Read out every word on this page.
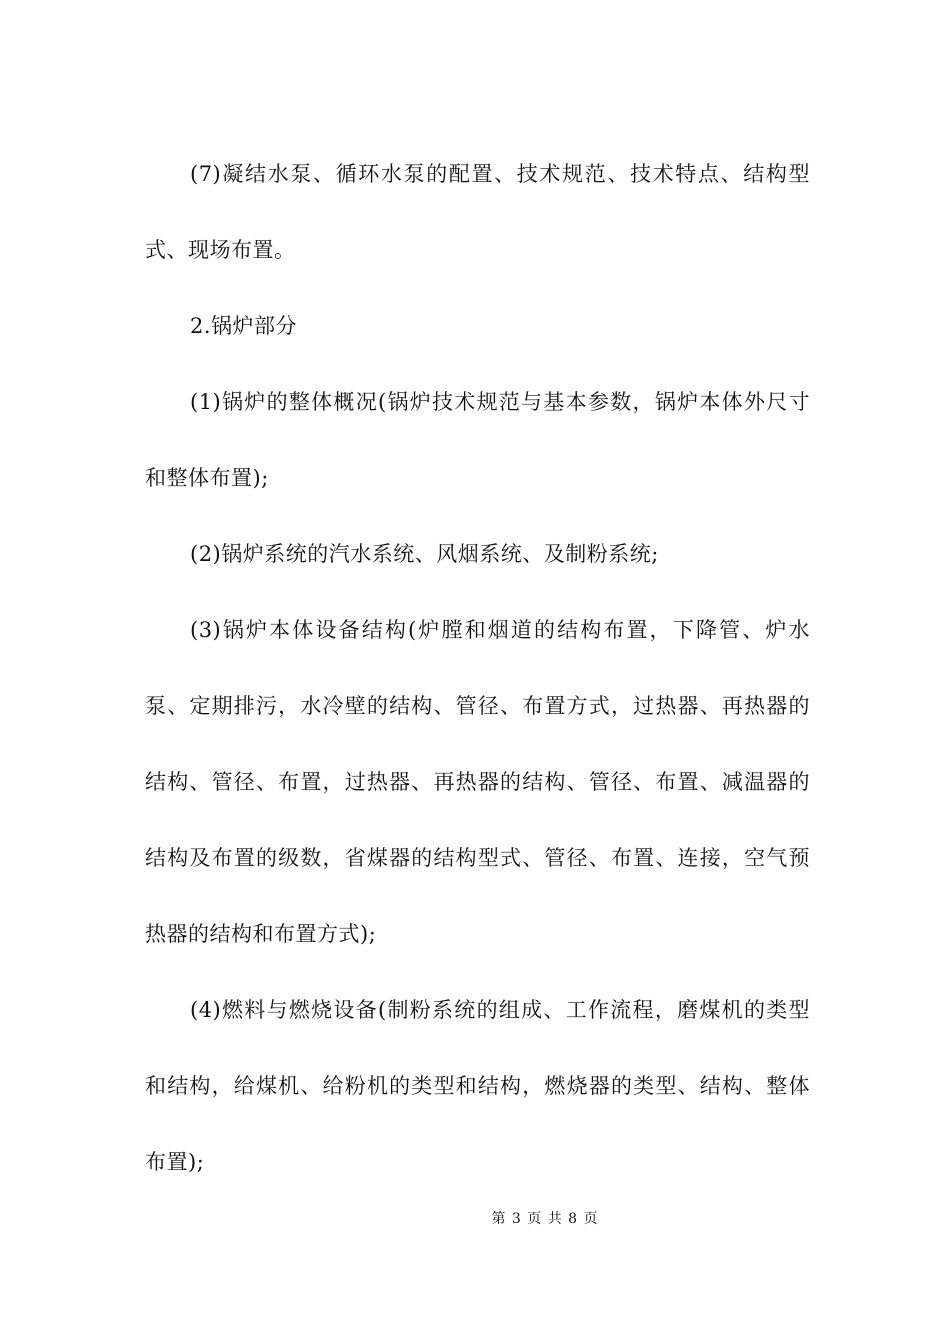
(7)凝结水泵、循环水泵的配置、技术规范、技术特点、结构型式、现场布置。

2.锅炉部分

(1)锅炉的整体概况(锅炉技术规范与基本参数，锅炉本体外尺寸和整体布置);

(2)锅炉系统的汽水系统、风烟系统、及制粉系统;

(3)锅炉本体设备结构(炉膛和烟道的结构布置，下降管、炉水泵、定期排污，水冷壁的结构、管径、布置方式，过热器、再热器的结构、管径、布置，过热器、再热器的结构、管径、布置、减温器的结构及布置的级数，省煤器的结构型式、管径、布置、连接，空气预热器的结构和布置方式);

(4)燃料与燃烧设备(制粉系统的组成、工作流程，磨煤机的类型和结构，给煤机、给粉机的类型和结构，燃烧器的类型、结构、整体布置);

第 3 页 共 8 页
